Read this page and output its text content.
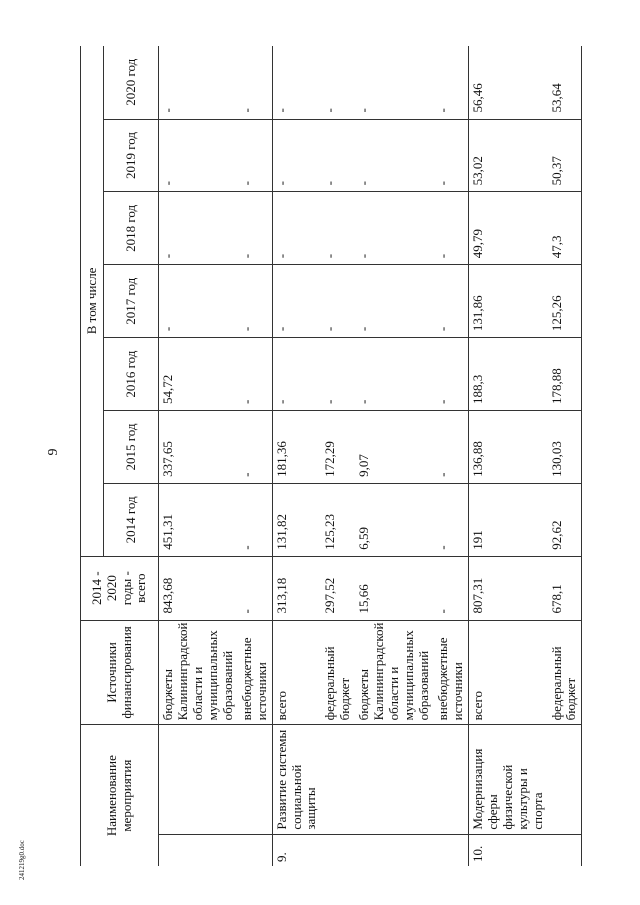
9
241219g0.doc
Наименование мероприятия		Источники финансирования	2014 - 2020 годы - всего	В том числе						
				2014 год	2015 год	2016 год	2017 год	2018 год	2019 год	2020 год
		бюджеты Калининградской области и муниципальных образований	843,68	451,31	337,65	54,72	-	-	-	-
		внебюджетные источники	-	-	-	-	-	-	-	-
9.	Развитие системы социальной защиты	всего	313,18	131,82	181,36	-	-	-	-	-
		федеральный бюджет	297,52	125,23	172,29	-	-	-	-	-
		бюджеты Калининградской области и муниципальных образований	15,66	6,59	9,07	-	-	-	-	-
		внебюджетные источники	-	-	-	-	-	-	-	-
10.	Модернизация сферы физической культуры и спорта	всего	807,31	191	136,88	188,3	131,86	49,79	53,02	56,46
		федеральный бюджет	678,1	92,62	130,03	178,88	125,26	47,3	50,37	53,64
